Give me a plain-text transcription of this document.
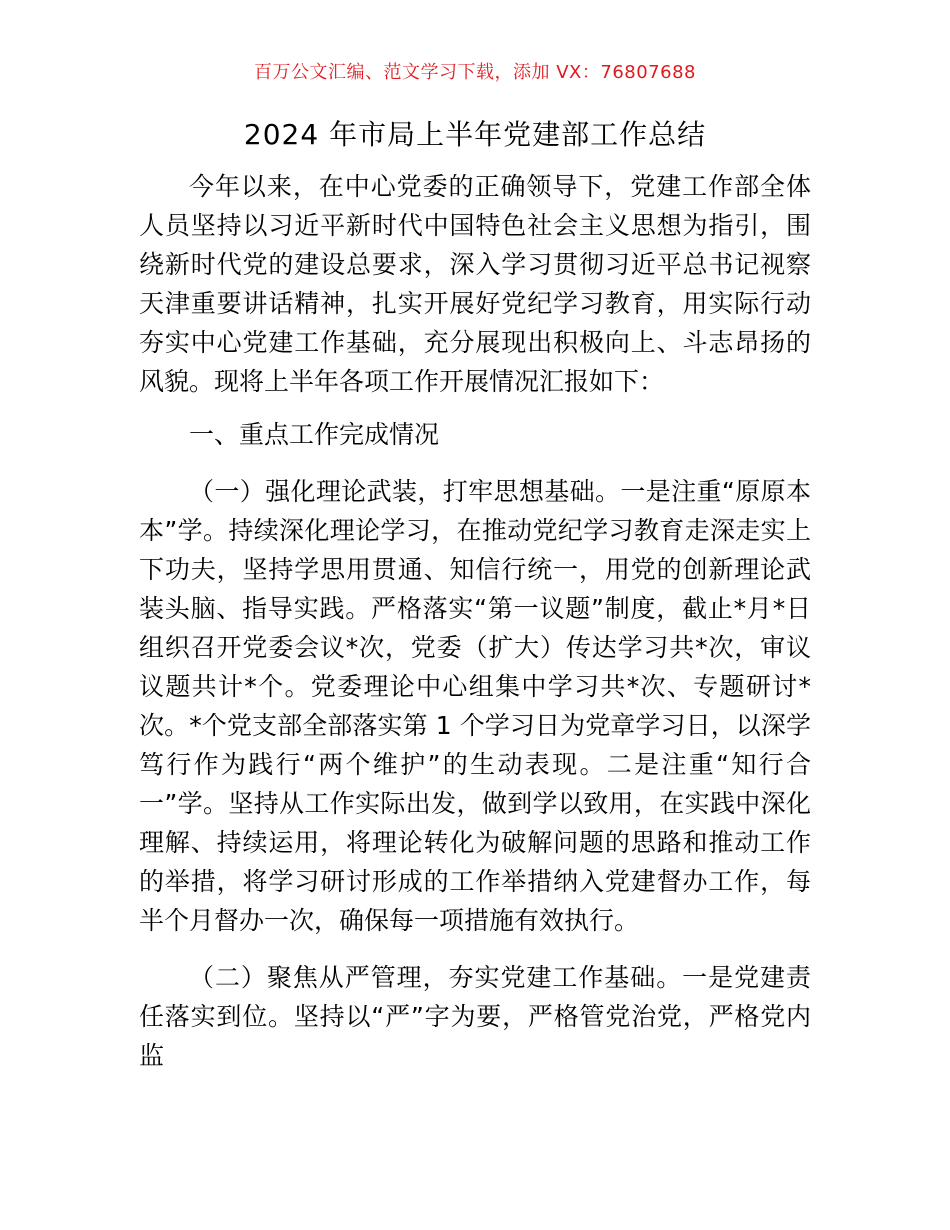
百万公文汇编、范文学习下载，添加 VX：76807688
2024 年市局上半年党建部工作总结

今年以来，在中心党委的正确领导下，党建工作部全体人员坚持以习近平新时代中国特色社会主义思想为指引，围绕新时代党的建设总要求，深入学习贯彻习近平总书记视察天津重要讲话精神，扎实开展好党纪学习教育，用实际行动夯实中心党建工作基础，充分展现出积极向上、斗志昂扬的风貌。现将上半年各项工作开展情况汇报如下：

一、重点工作完成情况

（一）强化理论武装，打牢思想基础。一是注重“原原本本”学。持续深化理论学习，在推动党纪学习教育走深走实上下功夫，坚持学思用贯通、知信行统一，用党的创新理论武装头脑、指导实践。严格落实“第一议题”制度，截止*月*日组织召开党委会议*次，党委（扩大）传达学习共*次，审议议题共计*个。党委理论中心组集中学习共*次、专题研讨*次。*个党支部全部落实第 1 个学习日为党章学习日，以深学笃行作为践行“两个维护”的生动表现。二是注重“知行合一”学。坚持从工作实际出发，做到学以致用，在实践中深化理解、持续运用，将理论转化为破解问题的思路和推动工作的举措，将学习研讨形成的工作举措纳入党建督办工作，每半个月督办一次，确保每一项措施有效执行。

（二）聚焦从严管理，夯实党建工作基础。一是党建责任落实到位。坚持以“严”字为要，严格管党治党，严格党内监
